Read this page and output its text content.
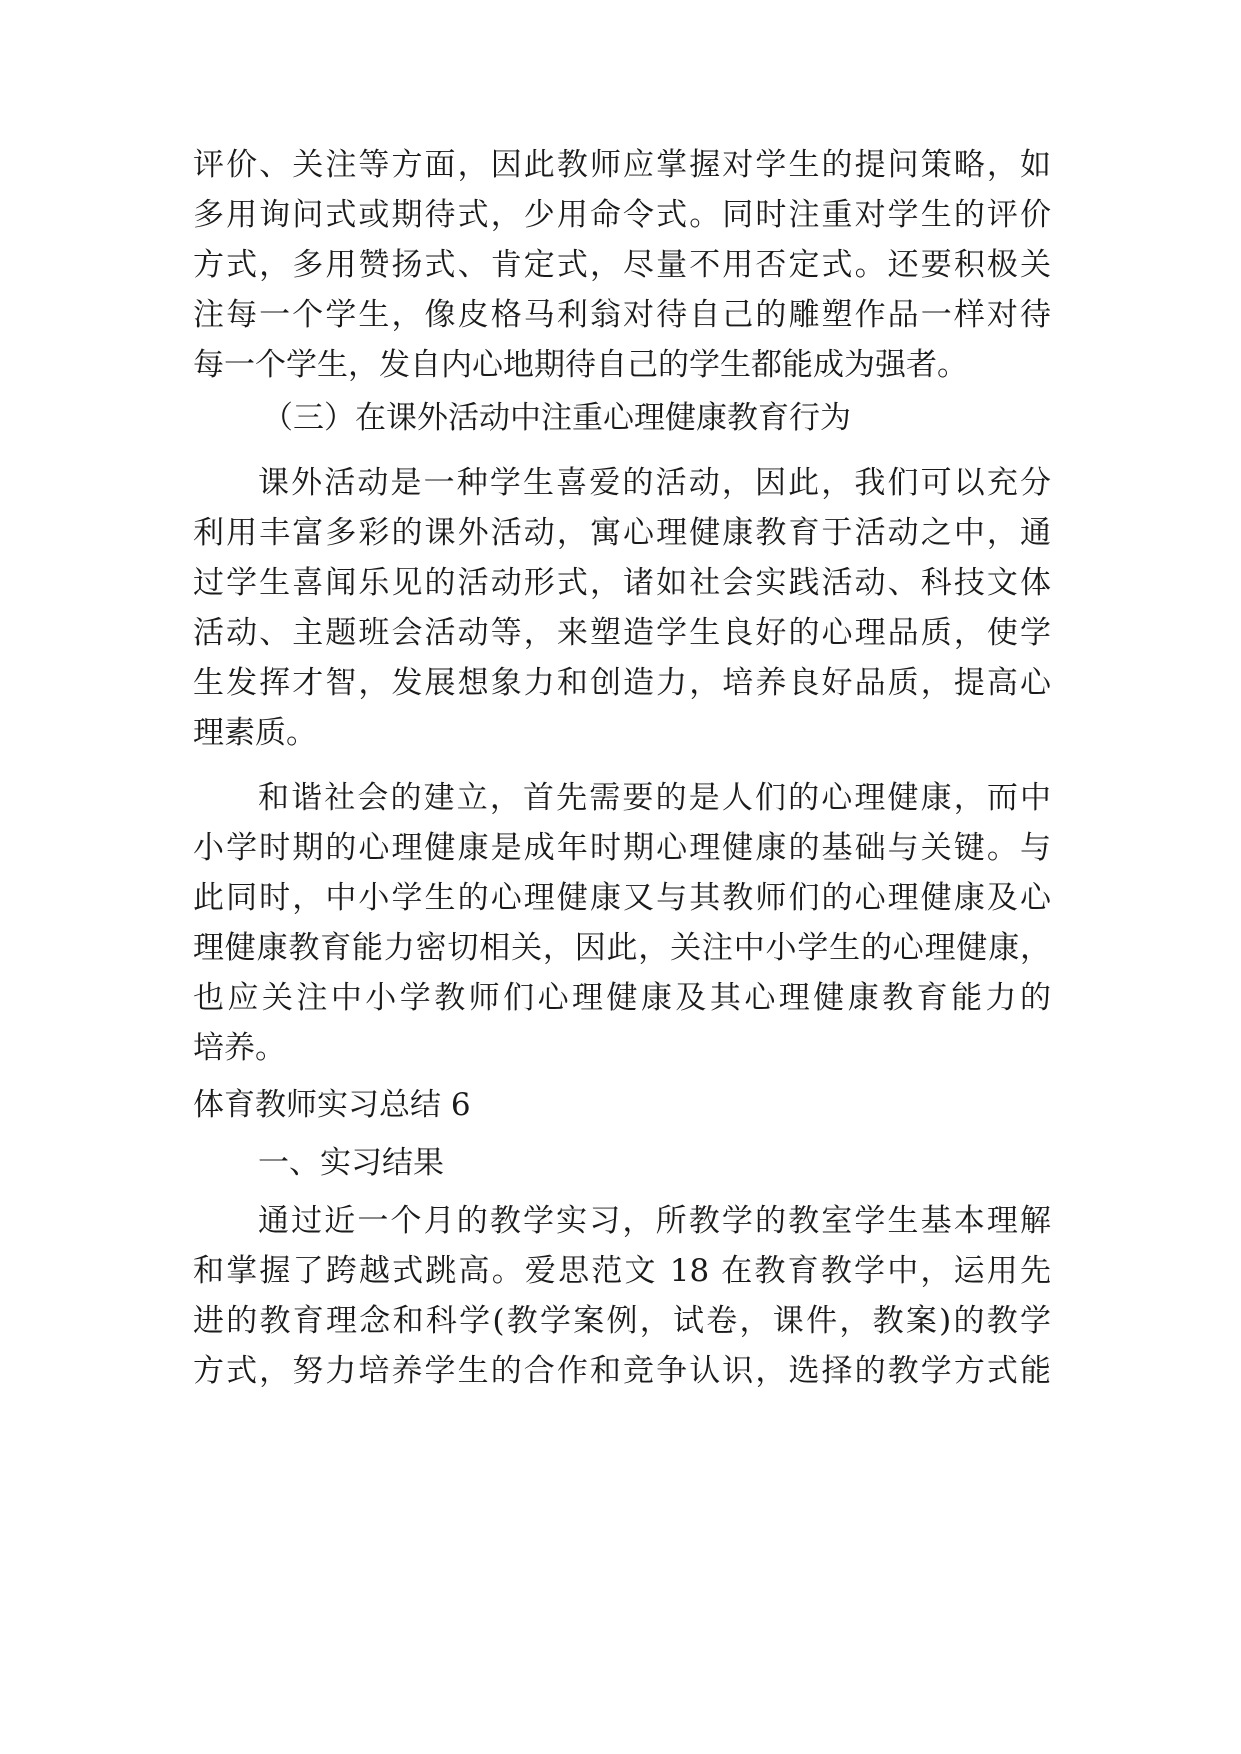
评价、关注等方面，因此教师应掌握对学生的提问策略，如
多用询问式或期待式，少用命令式。同时注重对学生的评价
方式，多用赞扬式、肯定式，尽量不用否定式。还要积极关
注每一个学生，像皮格马利翁对待自己的雕塑作品一样对待
每一个学生，发自内心地期待自己的学生都能成为强者。
（三）在课外活动中注重心理健康教育行为
课外活动是一种学生喜爱的活动，因此，我们可以充分
利用丰富多彩的课外活动，寓心理健康教育于活动之中，通
过学生喜闻乐见的活动形式，诸如社会实践活动、科技文体
活动、主题班会活动等，来塑造学生良好的心理品质，使学
生发挥才智，发展想象力和创造力，培养良好品质，提高心
理素质。
和谐社会的建立，首先需要的是人们的心理健康，而中
小学时期的心理健康是成年时期心理健康的基础与关键。与
此同时，中小学生的心理健康又与其教师们的心理健康及心
理健康教育能力密切相关，因此，关注中小学生的心理健康，
也应关注中小学教师们心理健康及其心理健康教育能力的
培养。
体育教师实习总结 6
一、实习结果
通过近一个月的教学实习，所教学的教室学生基本理解
和掌握了跨越式跳高。爱思范文 18 在教育教学中，运用先
进的教育理念和科学(教学案例，试卷，课件，教案)的教学
方式，努力培养学生的合作和竞争认识，选择的教学方式能
